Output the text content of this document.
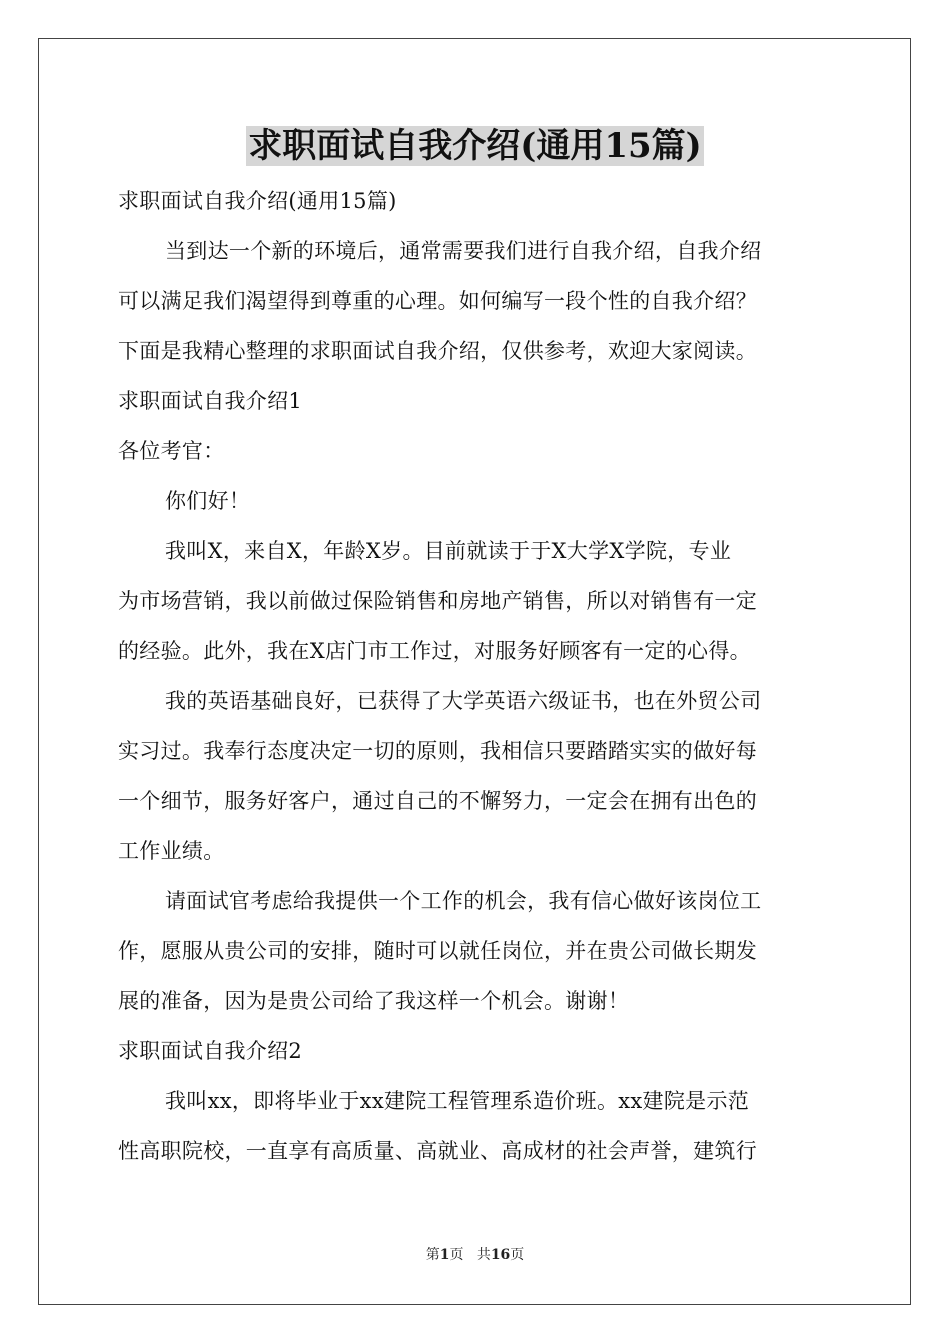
求职面试自我介绍(通用15篇)
求职面试自我介绍(通用15篇)
当到达一个新的环境后，通常需要我们进行自我介绍，自我介绍
可以满足我们渴望得到尊重的心理。如何编写一段个性的自我介绍？
下面是我精心整理的求职面试自我介绍，仅供参考，欢迎大家阅读。
求职面试自我介绍1
各位考官：
你们好！
我叫X，来自X，年龄X岁。目前就读于于X大学X学院，专业
为市场营销，我以前做过保险销售和房地产销售，所以对销售有一定
的经验。此外，我在X店门市工作过，对服务好顾客有一定的心得。
我的英语基础良好，已获得了大学英语六级证书，也在外贸公司
实习过。我奉行态度决定一切的原则，我相信只要踏踏实实的做好每
一个细节，服务好客户，通过自己的不懈努力，一定会在拥有出色的
工作业绩。
请面试官考虑给我提供一个工作的机会，我有信心做好该岗位工
作，愿服从贵公司的安排，随时可以就任岗位，并在贵公司做长期发
展的准备，因为是贵公司给了我这样一个机会。谢谢！
求职面试自我介绍2
我叫xx，即将毕业于xx建院工程管理系造价班。xx建院是示范
性高职院校，一直享有高质量、高就业、高成材的社会声誉，建筑行
第1页 共16页
